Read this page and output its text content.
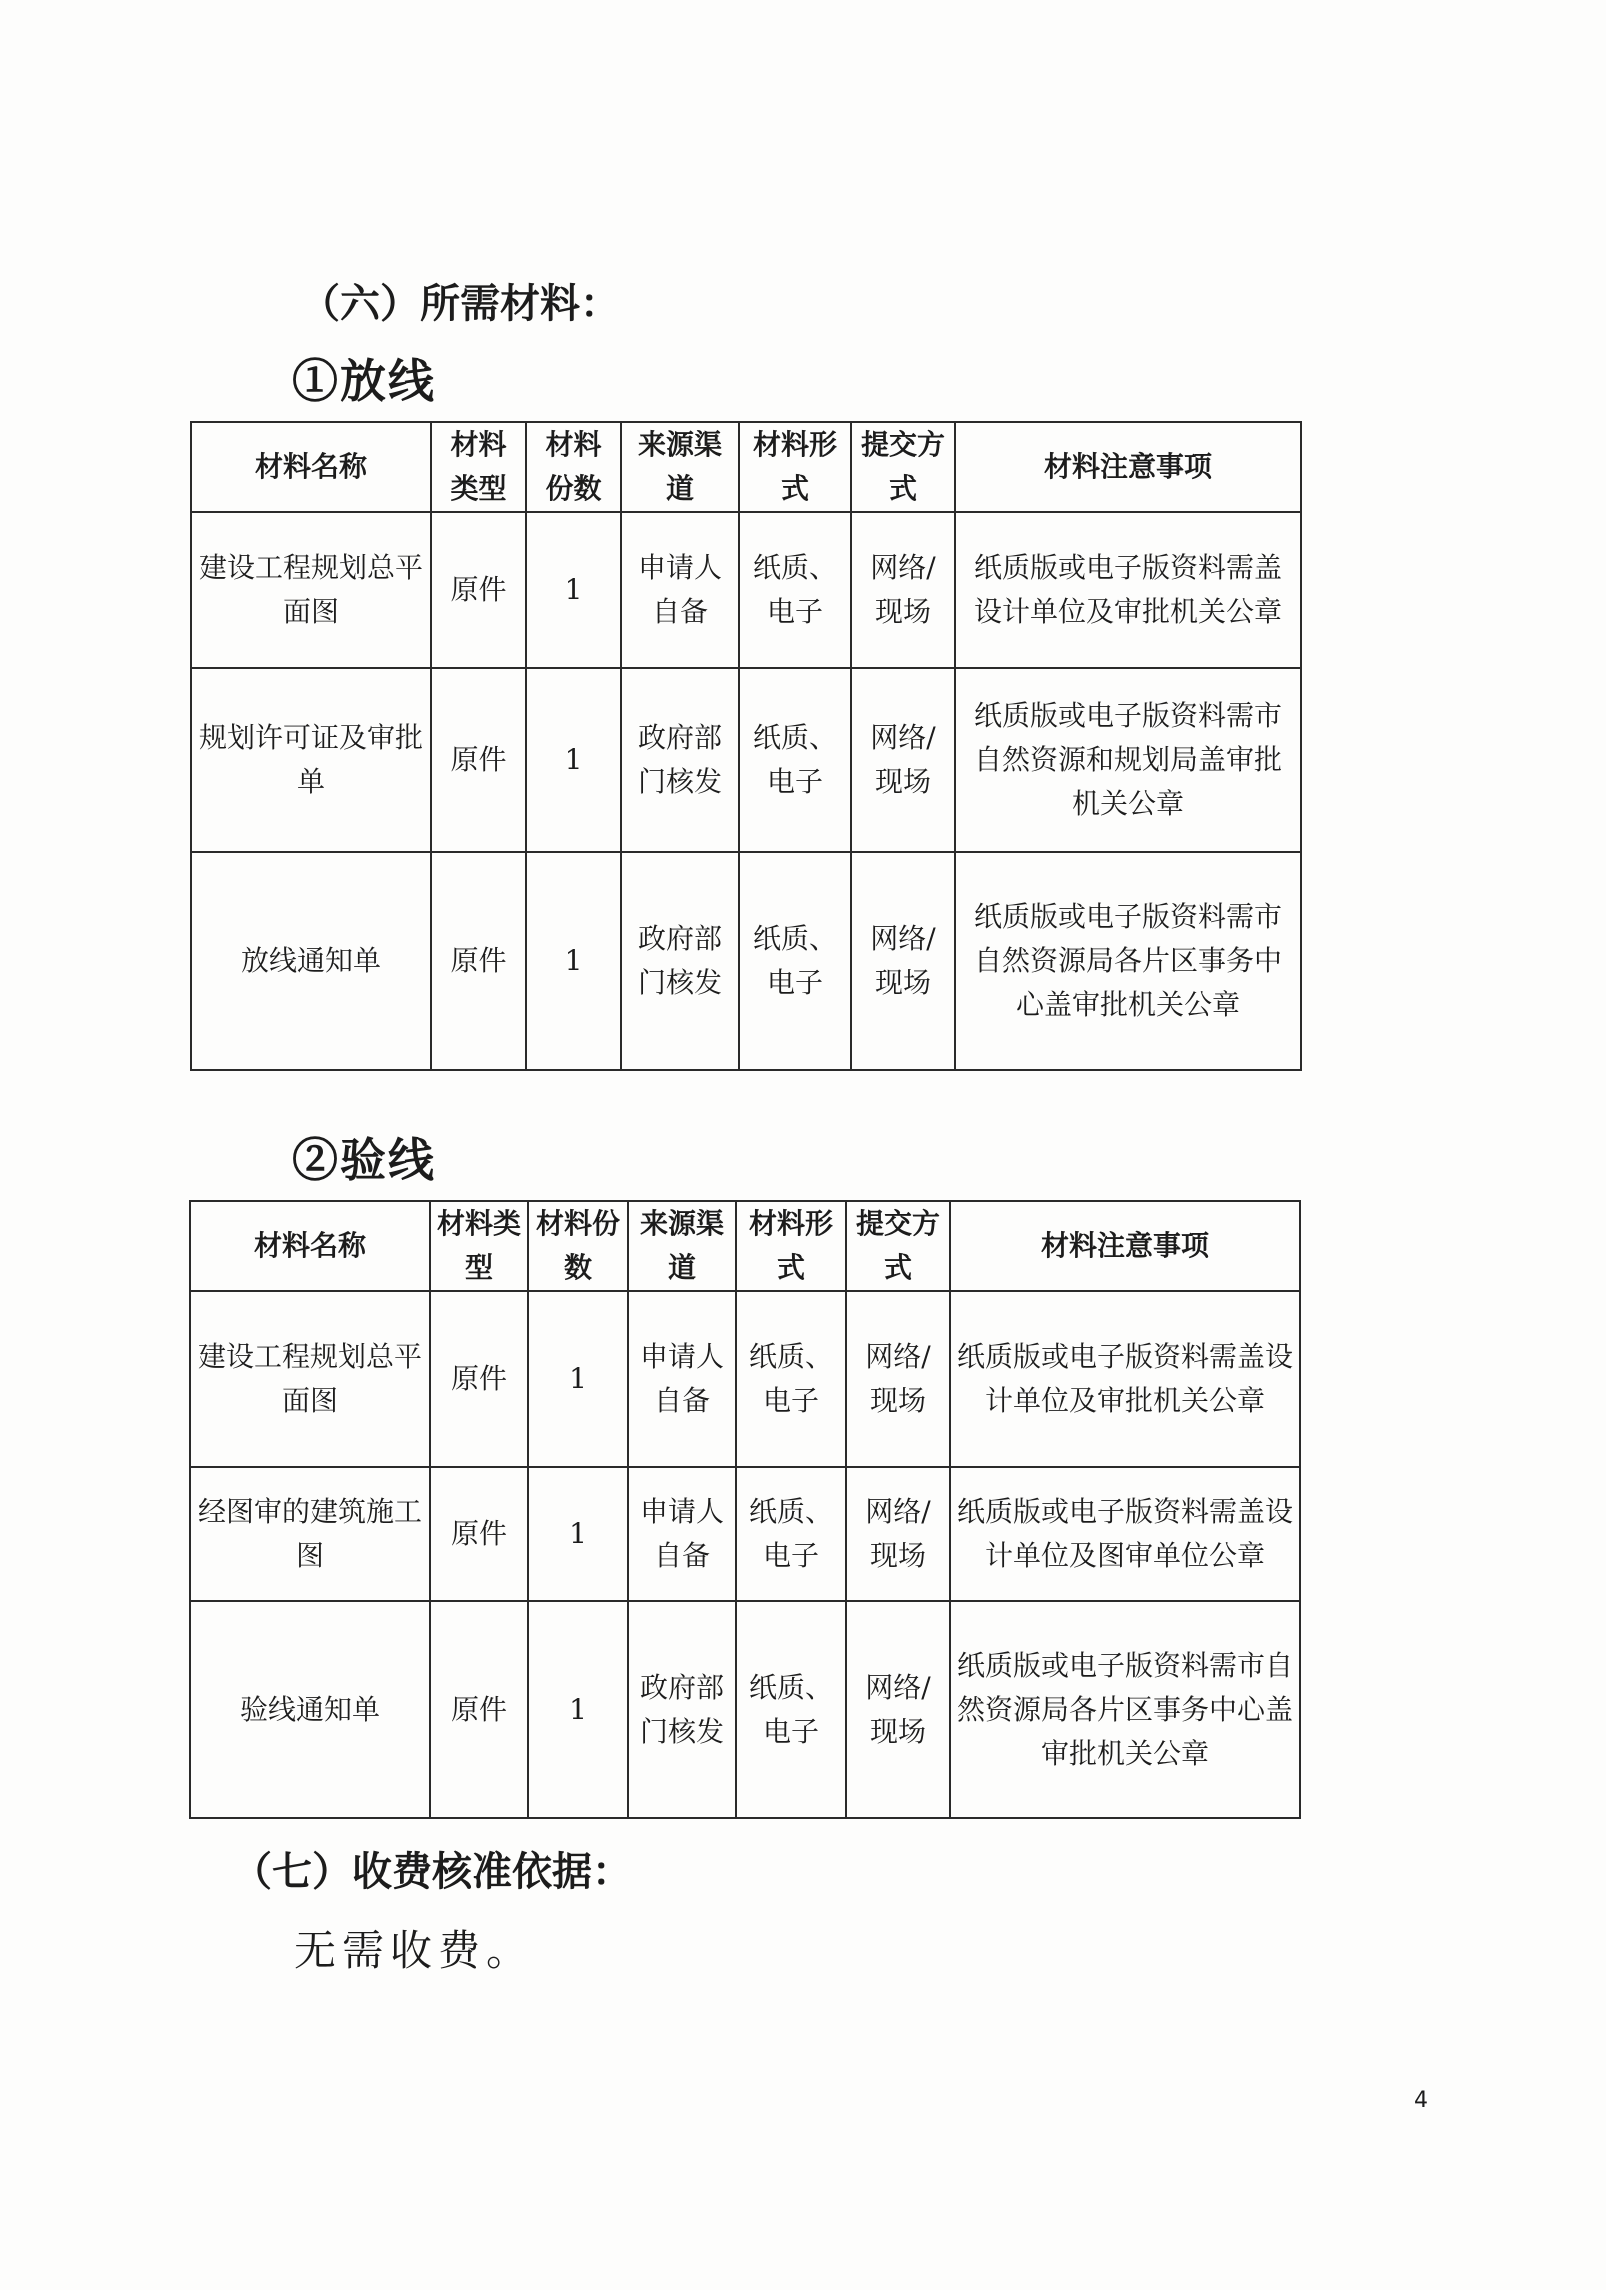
（六）所需材料：
①放线
材料名称	材料类型	材料份数	来源渠道	材料形式	提交方式	材料注意事项
建设工程规划总平面图	原件	1	申请人自备	纸质、电子	网络/现场	纸质版或电子版资料需盖设计单位及审批机关公章
规划许可证及审批单	原件	1	政府部门核发	纸质、电子	网络/现场	纸质版或电子版资料需市自然资源和规划局盖审批机关公章
放线通知单	原件	1	政府部门核发	纸质、电子	网络/现场	纸质版或电子版资料需市自然资源局各片区事务中心盖审批机关公章
②验线
材料名称	材料类型	材料份数	来源渠道	材料形式	提交方式	材料注意事项
建设工程规划总平面图	原件	1	申请人自备	纸质、电子	网络/现场	纸质版或电子版资料需盖设计单位及审批机关公章
经图审的建筑施工图	原件	1	申请人自备	纸质、电子	网络/现场	纸质版或电子版资料需盖设计单位及图审单位公章
验线通知单	原件	1	政府部门核发	纸质、电子	网络/现场	纸质版或电子版资料需市自然资源局各片区事务中心盖审批机关公章
（七）收费核准依据：
无需收费。
4
